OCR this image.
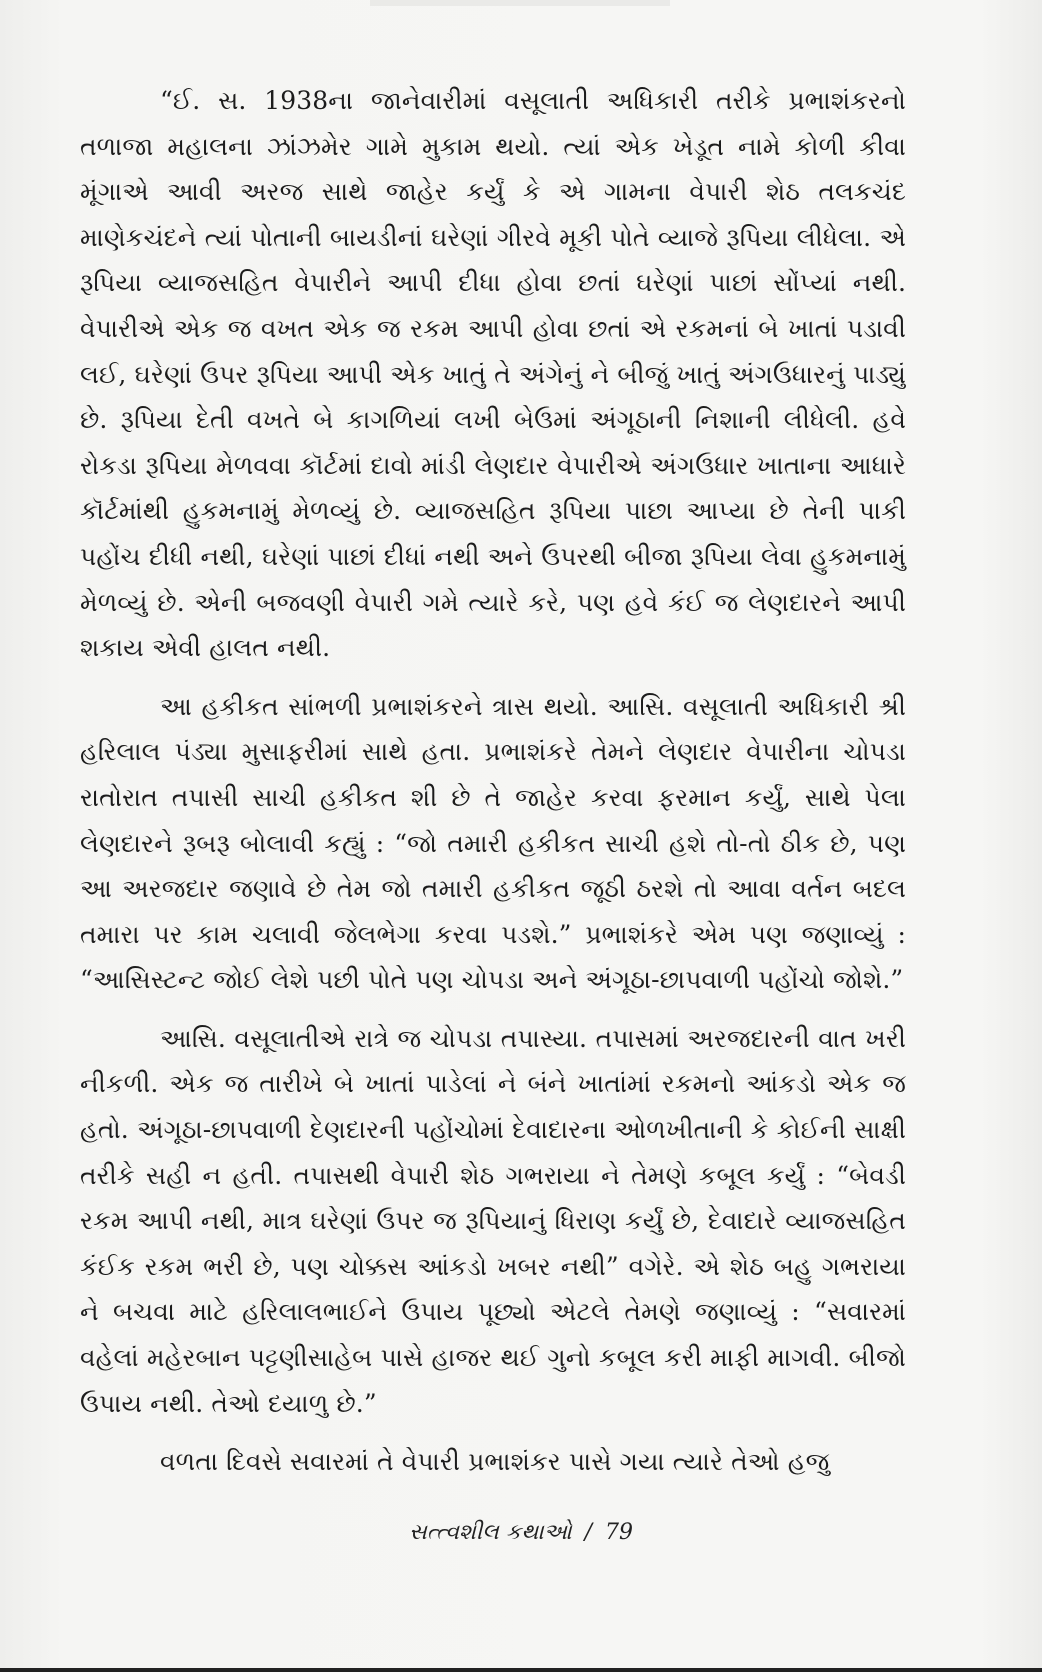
“ઈ. સ. 1938ના જાનેવારીમાં વસૂલાતી અધિકારી તરીકે પ્રભાશંકરનો તળાજા મહાલના ઝાંઝમેર ગામે મુકામ થયો. ત્યાં એક ખેડૂત નામે કોળી કીવા મૂંગાએ આવી અરજ સાથે જાહેર કર્યું કે એ ગામના વેપારી શેઠ તલકચંદ માણેકચંદને ત્યાં પોતાની બાયડીનાં ઘરેણાં ગીરવે મૂકી પોતે વ્યાજે રૂપિયા લીધેલા. એ રૂપિયા વ્યાજસહિત વેપારીને આપી દીધા હોવા છતાં ઘરેણાં પાછાં સોંપ્યાં નથી. વેપારીએ એક જ વખત એક જ રકમ આપી હોવા છતાં એ રકમનાં બે ખાતાં પડાવી લઈ, ઘરેણાં ઉપર રૂપિયા આપી એક ખાતું તે અંગેનું ને બીજું ખાતું અંગઉધારનું પાડ્યું છે. રૂપિયા દેતી વખતે બે કાગળિયાં લખી બેઉમાં અંગૂઠાની નિશાની લીધેલી. હવે રોકડા રૂપિયા મેળવવા કૉર્ટમાં દાવો માંડી લેણદાર વેપારીએ અંગઉધાર ખાતાના આધારે કૉર્ટમાંથી હુકમનામું મેળવ્યું છે. વ્યાજસહિત રૂપિયા પાછા આપ્યા છે તેની પાકી પહોંચ દીધી નથી, ઘરેણાં પાછાં દીધાં નથી અને ઉપરથી બીજા રૂપિયા લેવા હુકમનામું મેળવ્યું છે. એની બજવણી વેપારી ગમે ત્યારે કરે, પણ હવે કંઈ જ લેણદારને આપી શકાય એવી હાલત નથી.

આ હકીકત સાંભળી પ્રભાશંકરને ત્રાસ થયો. આસિ. વસૂલાતી અધિકારી શ્રી હરિલાલ પંડ્યા મુસાફરીમાં સાથે હતા. પ્રભાશંકરે તેમને લેણદાર વેપારીના ચોપડા રાતોરાત તપાસી સાચી હકીકત શી છે તે જાહેર કરવા ફરમાન કર્યું, સાથે પેલા લેણદારને રૂબરૂ બોલાવી કહ્યું : “જો તમારી હકીકત સાચી હશે તો-તો ઠીક છે, પણ આ અરજદાર જણાવે છે તેમ જો તમારી હકીકત જૂઠી ઠરશે તો આવા વર્તન બદલ તમારા પર કામ ચલાવી જેલભેગા કરવા પડશે.” પ્રભાશંકરે એમ પણ જણાવ્યું : “આસિસ્ટન્ટ જોઈ લેશે પછી પોતે પણ ચોપડા અને અંગૂઠા-છાપવાળી પહોંચો જોશે.”

આસિ. વસૂલાતીએ રાત્રે જ ચોપડા તપાસ્યા. તપાસમાં અરજદારની વાત ખરી નીકળી. એક જ તારીખે બે ખાતાં પાડેલાં ને બંને ખાતાંમાં રકમનો આંકડો એક જ હતો. અંગૂઠા-છાપવાળી દેણદારની પહોંચોમાં દેવાદારના ઓળખીતાની કે કોઈની સાક્ષી તરીકે સહી ન હતી. તપાસથી વેપારી શેઠ ગભરાયા ને તેમણે કબૂલ કર્યું : “બેવડી રકમ આપી નથી, માત્ર ઘરેણાં ઉપર જ રૂપિયાનું ધિરાણ કર્યું છે, દેવાદારે વ્યાજસહિત કંઈક રકમ ભરી છે, પણ ચોક્કસ આંકડો ખબર નથી” વગેરે. એ શેઠ બહુ ગભરાયા ને બચવા માટે હરિલાલભાઈને ઉપાય પૂછ્યો એટલે તેમણે જણાવ્યું : “સવારમાં વહેલાં મહેરબાન પટ્ટણીસાહેબ પાસે હાજર થઈ ગુનો કબૂલ કરી માફી માગવી. બીજો ઉપાય નથી. તેઓ દયાળુ છે.”

વળતા દિવસે સવારમાં તે વેપારી પ્રભાશંકર પાસે ગયા ત્યારે તેઓ હજુ

સત્ત્વશીલ કથાઓ / 79
